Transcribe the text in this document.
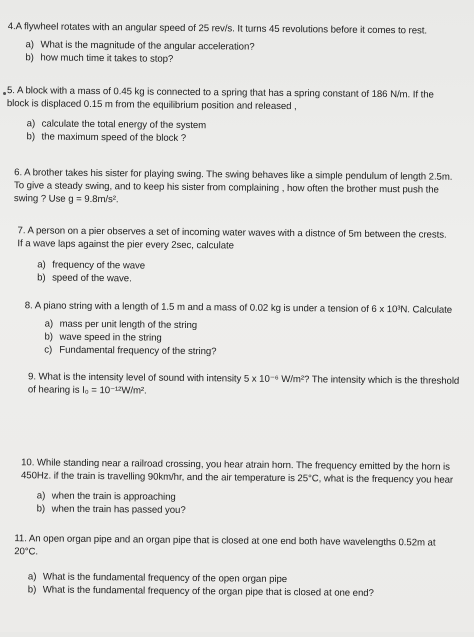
4.A flywheel rotates with an angular speed of 25 rev/s. It turns 45 revolutions before it comes to rest.

a) What is the magnitude of the angular acceleration?

b) how much time it takes to stop?

5. A block with a mass of 0.45 kg is connected to a spring that has a spring constant of 186 N/m. If the

block is displaced 0.15 m from the equilibrium position and released ,

a) calculate the total energy of the system

b) the maximum speed of the block ?

6. A brother takes his sister for playing swing. The swing behaves like a simple pendulum of length 2.5m.

To give a steady swing, and to keep his sister from complaining , how often the brother must push the

swing ? Use g = 9.8m/s².

7. A person on a pier observes a set of incoming water waves with a distnce of 5m between the crests.

If a wave laps against the pier every 2sec, calculate

a) frequency of the wave

b) speed of the wave.

8. A piano string with a length of 1.5 m and a mass of 0.02 kg is under a tension of 6 x 10³N. Calculate

a) mass per unit length of the string

b) wave speed in the string

c) Fundamental frequency of the string?

9. What is the intensity level of sound with intensity 5 x 10⁻⁶ W/m²? The intensity which is the threshold

of hearing is I₀ = 10⁻¹²W/m².

10. While standing near a railroad crossing, you hear atrain horn. The frequency emitted by the horn is

450Hz. if the train is travelling 90km/hr, and the air temperature is 25°C, what is the frequency you hear

a) when the train is approaching

b) when the train has passed you?

11. An open organ pipe and an organ pipe that is closed at one end both have wavelengths 0.52m at

20°C.

a) What is the fundamental frequency of the open organ pipe

b) What is the fundamental frequency of the organ pipe that is closed at one end?
